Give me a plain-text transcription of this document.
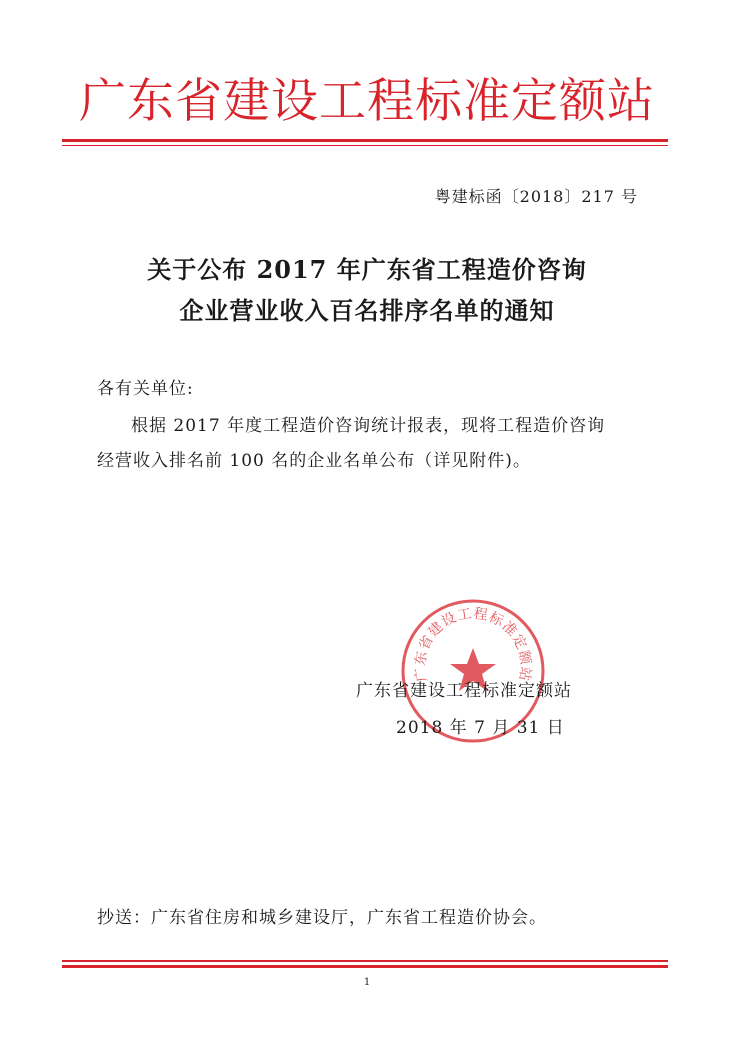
广东省建设工程标准定额站
粤建标函〔2018〕217 号
关于公布 2017 年广东省工程造价咨询
企业营业收入百名排序名单的通知
各有关单位:
根据 2017 年度工程造价咨询统计报表，现将工程造价咨询
经营收入排名前 100 名的企业名单公布（详见附件)。
广东省建设工程标准定额站
广东省建设工程标准定额站
2018 年 7 月 31 日
抄送：广东省住房和城乡建设厅，广东省工程造价协会。
1
